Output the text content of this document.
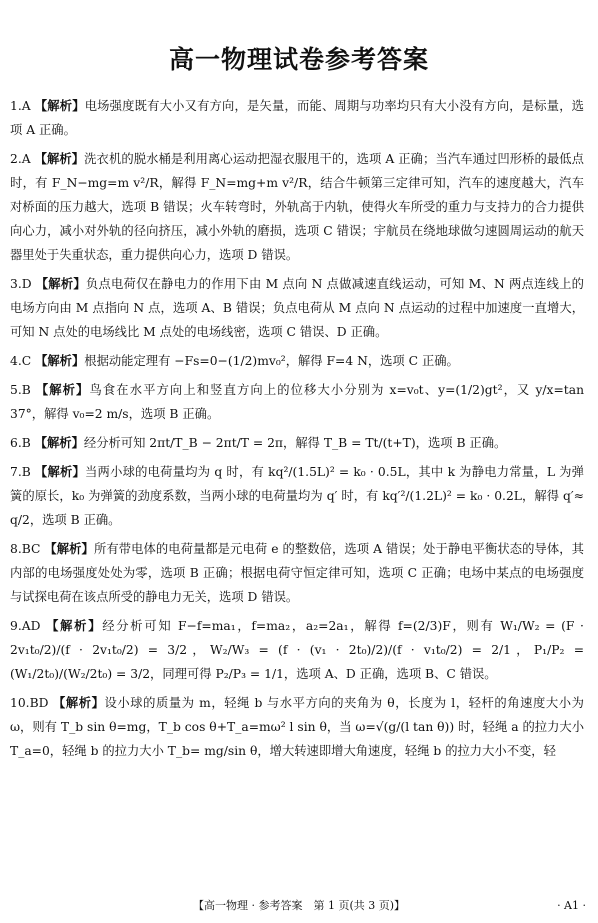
高一物理试卷参考答案
1.A 【解析】电场强度既有大小又有方向，是矢量，而能、周期与功率均只有大小没有方向，是标量，选项 A 正确。
2.A 【解析】洗衣机的脱水桶是利用离心运动把湿衣服甩干的，选项 A 正确；当汽车通过凹形桥的最低点时，有 F_N−mg=m v²/R，解得 F_N=mg+m v²/R，结合牛顿第三定律可知，汽车的速度越大，汽车对桥面的压力越大，选项 B 错误；火车转弯时，外轨高于内轨，使得火车所受的重力与支持力的合力提供向心力，减小对外轨的径向挤压，减小外轨的磨损，选项 C 错误；宇航员在绕地球做匀速圆周运动的航天器里处于失重状态，重力提供向心力，选项 D 错误。
3.D 【解析】负点电荷仅在静电力的作用下由 M 点向 N 点做减速直线运动，可知 M、N 两点连线上的电场方向由 M 点指向 N 点，选项 A、B 错误；负点电荷从 M 点向 N 点运动的过程中加速度一直增大，可知 N 点处的电场线比 M 点处的电场线密，选项 C 错误、D 正确。
4.C 【解析】根据动能定理有 −Fs=0−(1/2)mv₀²，解得 F=4 N，选项 C 正确。
5.B 【解析】鸟食在水平方向上和竖直方向上的位移大小分别为 x=v₀t、y=(1/2)gt²，又 y/x=tan 37°，解得 v₀=2 m/s，选项 B 正确。
6.B 【解析】经分析可知 2πt/T_B − 2πt/T = 2π，解得 T_B = Tt/(t+T)，选项 B 正确。
7.B 【解析】当两小球的电荷量均为 q 时，有 kq²/(1.5L)² = k₀ · 0.5L，其中 k 为静电力常量，L 为弹簧的原长，k₀ 为弹簧的劲度系数，当两小球的电荷量均为 q′ 时，有 kq′²/(1.2L)² = k₀ · 0.2L，解得 q′≈ q/2，选项 B 正确。
8.BC 【解析】所有带电体的电荷量都是元电荷 e 的整数倍，选项 A 错误；处于静电平衡状态的导体，其内部的电场强度处处为零，选项 B 正确；根据电荷守恒定律可知，选项 C 正确；电场中某点的电场强度与试探电荷在该点所受的静电力无关，选项 D 错误。
9.AD 【解析】经分析可知 F−f=ma₁，f=ma₂，a₂=2a₁，解得 f=(2/3)F，则有 W₁/W₂ = (F · 2v₁t₀/2)/(f · 2v₁t₀/2) = 3/2，W₂/W₃ = (f · (v₁ · 2t₀)/2)/(f · v₁t₀/2) = 2/1，P₁/P₂ = (W₁/2t₀)/(W₂/2t₀) = 3/2，同理可得 P₂/P₃ = 1/1，选项 A、D 正确，选项 B、C 错误。
10.BD 【解析】设小球的质量为 m，轻绳 b 与水平方向的夹角为 θ，长度为 l，轻杆的角速度大小为 ω，则有 T_b sin θ=mg，T_b cos θ+T_a=mω² l sin θ，当 ω=√(g/(l tan θ)) 时，轻绳 a 的拉力大小 T_a=0，轻绳 b 的拉力大小 T_b= mg/sin θ，增大转速即增大角速度，轻绳 b 的拉力大小不变，轻
【高一物理 · 参考答案　第 1 页(共 3 页)】	· A1 ·
